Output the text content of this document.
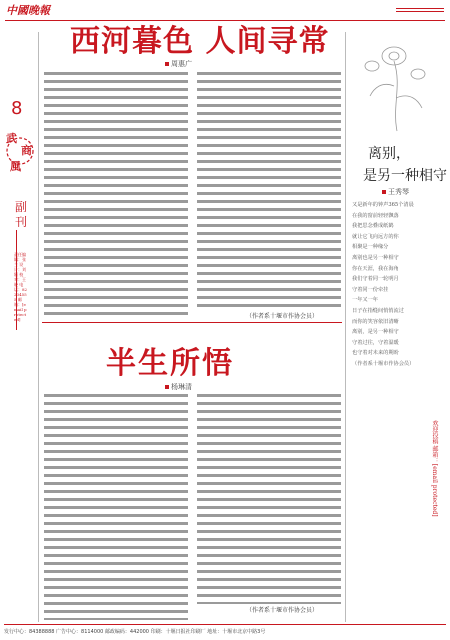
中國晚報
8
武
商
風
副刊
责任编辑：张兰 设计：刘颖 校对：王晓 电话：82234555 邮箱：[email protected]
西河暮色 人间寻常
周惠广
（作者系十堰市作协会员）
半生所悟
杨琳清
（作者系十堰市作协会员）
离别，
是另一种相守
王秀琴
又是新年的钟声365个清晨
在我的窗前轻轻飘落
我把思念叠成纸鹤
就让它飞向远方的你
相聚是一种缘分
离别也是另一种相守
你在天涯，我在海角
我们守着同一轮明月
守着同一份牵挂
一年又一年
日子在指缝间悄悄流过
而你的笑容依旧清晰
离别，是另一种相守
守着过往，守着温暖
也守着对未来的期盼
（作者系十堰市作协会员）
欢迎投稿 邮箱：[email protected]
发行中心：84388888 广告中心：8114000 邮政编码：442000 印刷：十堰日报社印刷厂 地址：十堰市北京中路3号
